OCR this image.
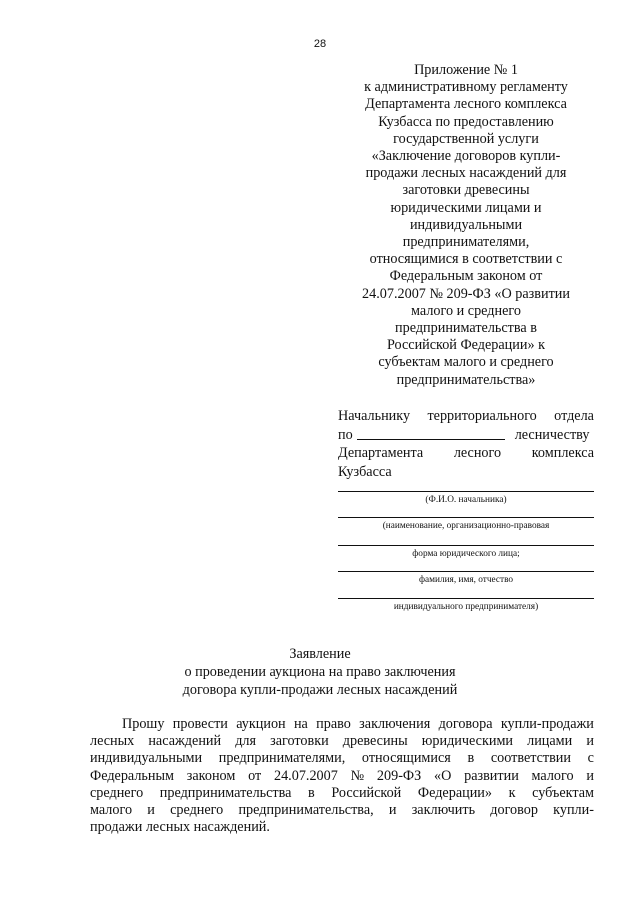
28
Приложение № 1
к административному регламенту
Департамента лесного комплекса
Кузбасса по предоставлению
государственной услуги
«Заключение договоров купли-
продажи лесных насаждений для
заготовки древесины
юридическими лицами и
индивидуальными
предпринимателями,
относящимися в соответствии с
Федеральным законом от
24.07.2007 № 209-ФЗ «О развитии
малого и среднего
предпринимательства в
Российской Федерации» к
субъектам малого и среднего
предпринимательства»
Начальнику территориального отдела
по	лесничеству
Департамента лесного комплекса
Кузбасса
(Ф.И.О. начальника)
(наименование, организационно-правовая
форма юридического лица;
фамилия, имя, отчество
индивидуального предпринимателя)
Заявление
о проведении аукциона на право заключения
договора купли-продажи лесных насаждений
Прошу провести аукцион на право заключения договора купли-продажи
лесных насаждений для заготовки древесины юридическими лицами и
индивидуальными предпринимателями, относящимися в соответствии с
Федеральным законом от 24.07.2007 № 209-ФЗ «О развитии малого и
среднего предпринимательства в Российской Федерации» к субъектам
малого и среднего предпринимательства, и заключить договор купли-
продажи лесных насаждений.
